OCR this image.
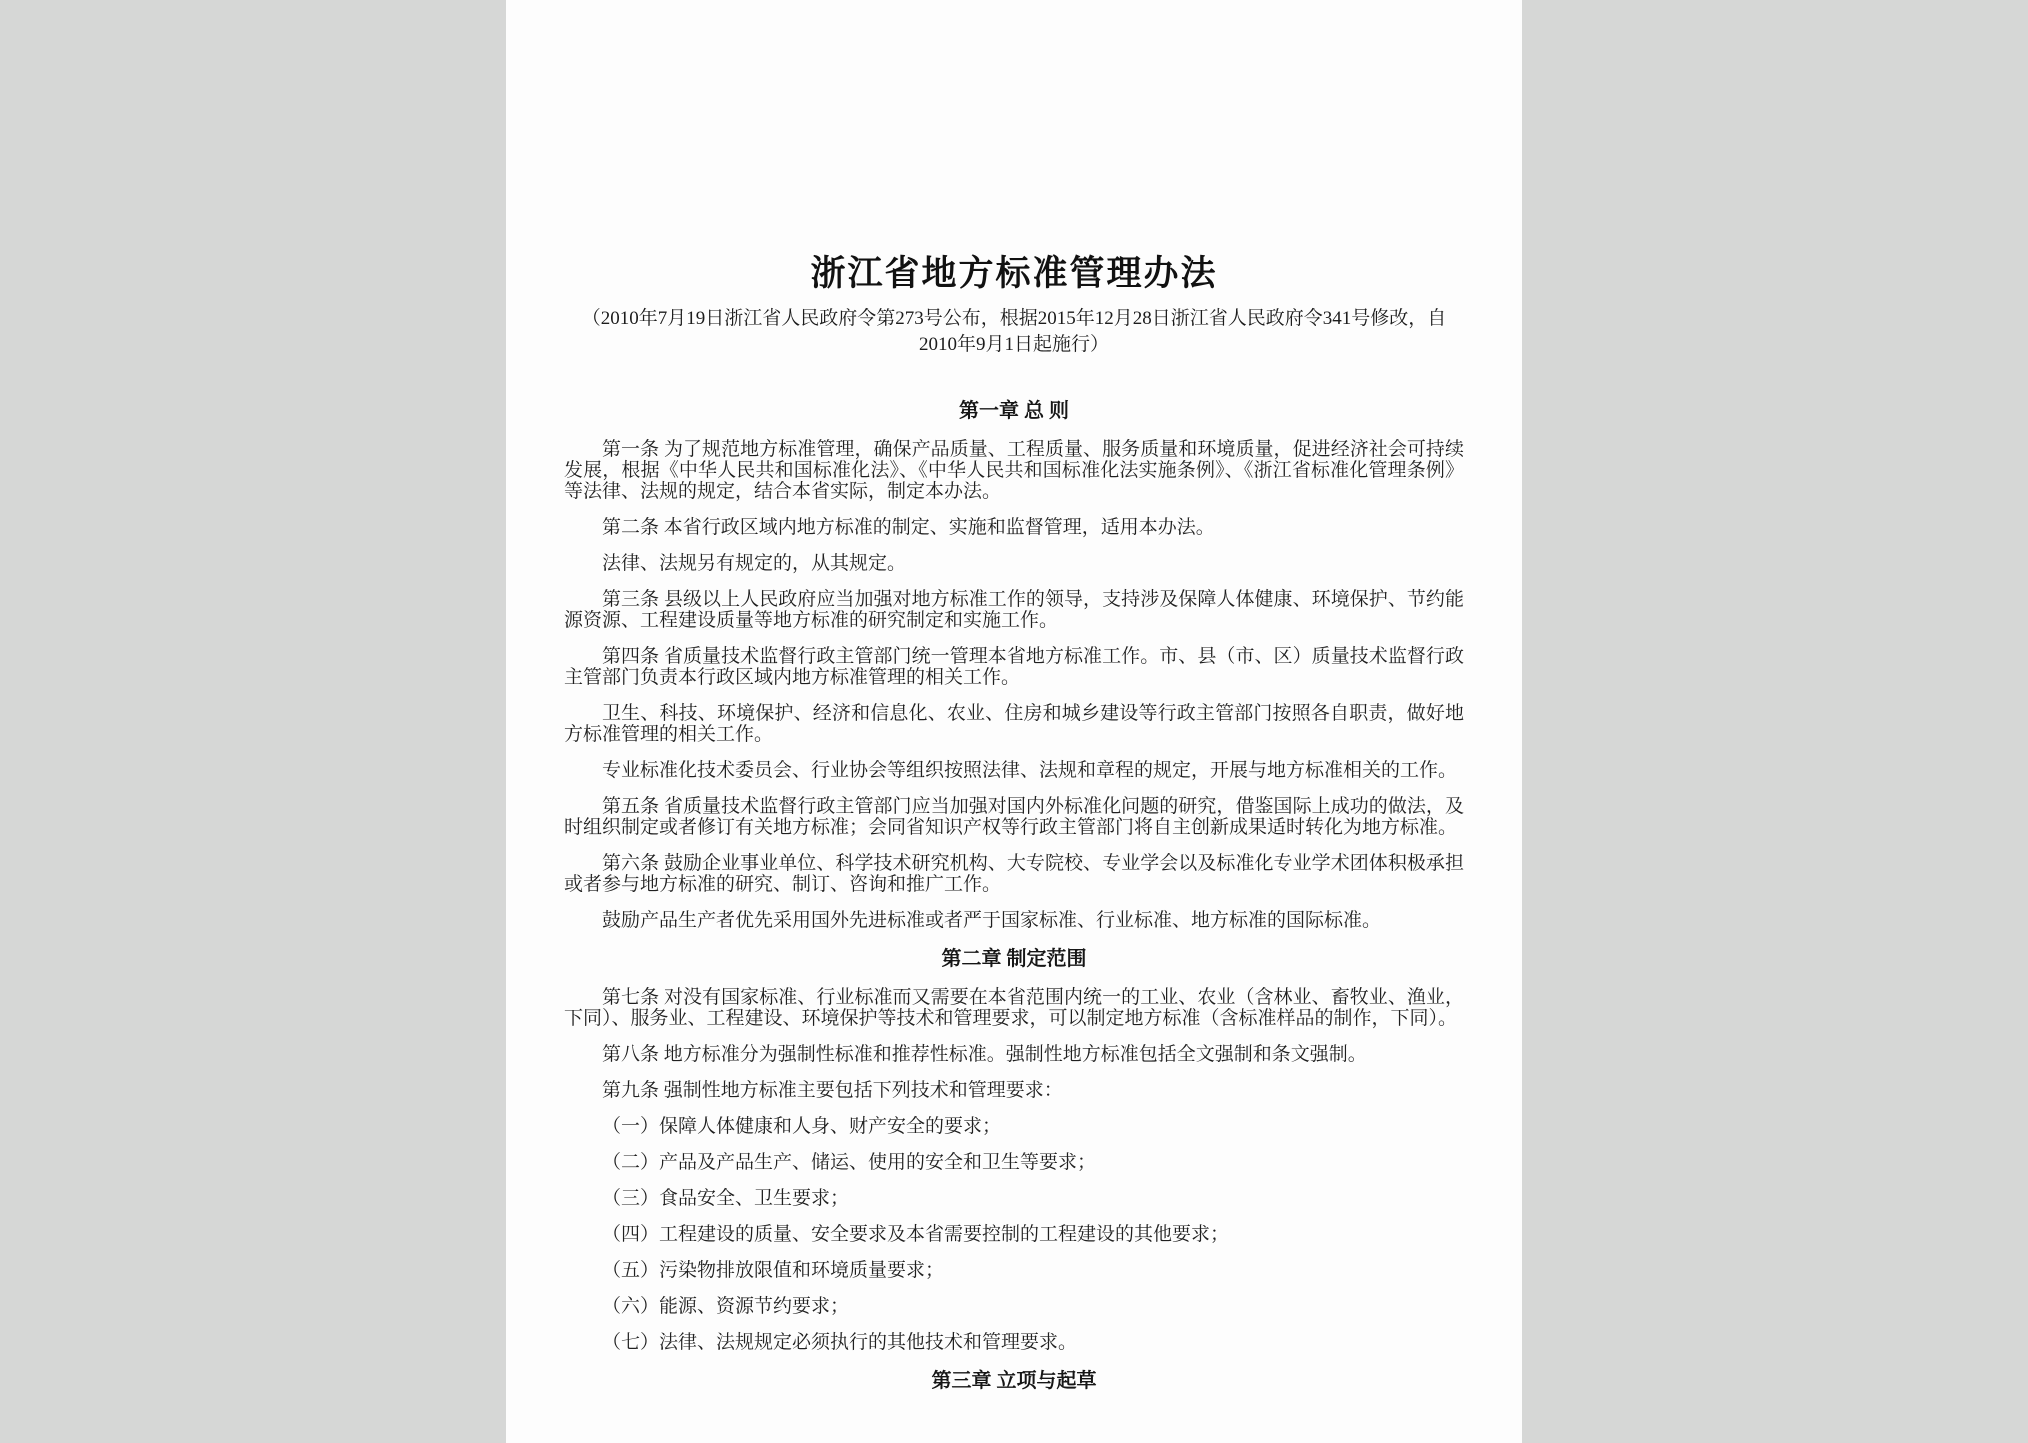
浙江省地方标准管理办法

（2010年7月19日浙江省人民政府令第273号公布，根据2015年12月28日浙江省人民政府令341号修改，自2010年9月1日起施行）

第一章 总 则

第一条 为了规范地方标准管理，确保产品质量、工程质量、服务质量和环境质量，促进经济社会可持续发展，根据《中华人民共和国标准化法》、《中华人民共和国标准化法实施条例》、《浙江省标准化管理条例》等法律、法规的规定，结合本省实际，制定本办法。

第二条 本省行政区域内地方标准的制定、实施和监督管理，适用本办法。

法律、法规另有规定的，从其规定。

第三条 县级以上人民政府应当加强对地方标准工作的领导，支持涉及保障人体健康、环境保护、节约能源资源、工程建设质量等地方标准的研究制定和实施工作。

第四条 省质量技术监督行政主管部门统一管理本省地方标准工作。市、县（市、区）质量技术监督行政主管部门负责本行政区域内地方标准管理的相关工作。

卫生、科技、环境保护、经济和信息化、农业、住房和城乡建设等行政主管部门按照各自职责，做好地方标准管理的相关工作。

专业标准化技术委员会、行业协会等组织按照法律、法规和章程的规定，开展与地方标准相关的工作。

第五条 省质量技术监督行政主管部门应当加强对国内外标准化问题的研究，借鉴国际上成功的做法，及时组织制定或者修订有关地方标准；会同省知识产权等行政主管部门将自主创新成果适时转化为地方标准。

第六条 鼓励企业事业单位、科学技术研究机构、大专院校、专业学会以及标准化专业学术团体积极承担或者参与地方标准的研究、制订、咨询和推广工作。

鼓励产品生产者优先采用国外先进标准或者严于国家标准、行业标准、地方标准的国际标准。

第二章 制定范围

第七条 对没有国家标准、行业标准而又需要在本省范围内统一的工业、农业（含林业、畜牧业、渔业，下同）、服务业、工程建设、环境保护等技术和管理要求，可以制定地方标准（含标准样品的制作，下同）。

第八条 地方标准分为强制性标准和推荐性标准。强制性地方标准包括全文强制和条文强制。

第九条 强制性地方标准主要包括下列技术和管理要求：

（一）保障人体健康和人身、财产安全的要求；

（二）产品及产品生产、储运、使用的安全和卫生等要求；

（三）食品安全、卫生要求；

（四）工程建设的质量、安全要求及本省需要控制的工程建设的其他要求；

（五）污染物排放限值和环境质量要求；

（六）能源、资源节约要求；

（七）法律、法规规定必须执行的其他技术和管理要求。

第三章 立项与起草
